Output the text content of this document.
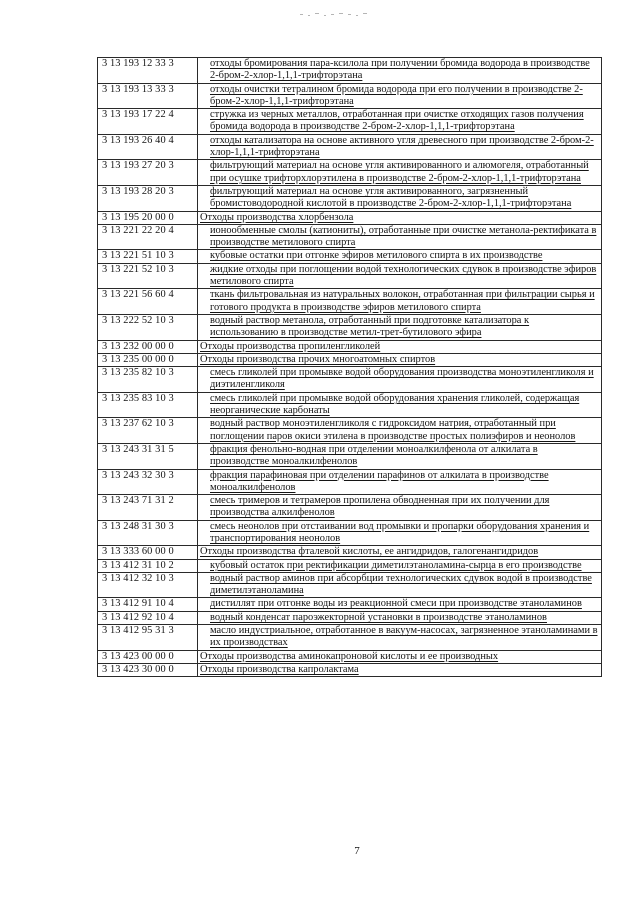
3 13 193 12 33 3	отходы бромирования пара-ксилола при получении бромида водорода в производстве 2-бром-2-хлор-1,1,1-трифторэтана

3 13 193 13 33 3	отходы очистки тетралином бромида водорода при его получении в производстве 2-бром-2-хлор-1,1,1-трифторэтана

3 13 193 17 22 4	стружка из черных металлов, отработанная при очистке отходящих газов получения бромида водорода в производстве 2-бром-2-хлор-1,1,1-трифторэтана

3 13 193 26 40 4	отходы катализатора на основе активного угля древесного при производстве 2-бром-2-хлор-1,1,1-трифторэтана

3 13 193 27 20 3	фильтрующий материал на основе угля активированного и алюмогеля, отработанный при осушке трифторхлорэтилена в производстве 2-бром-2-хлор-1,1,1-трифторэтана

3 13 193 28 20 3	фильтрующий материал на основе угля активированного, загрязненный бромистоводородной кислотой в производстве 2-бром-2-хлор-1,1,1-трифторэтана

3 13 195 20 00 0	Отходы производства хлорбензола

3 13 221 22 20 4	ионообменные смолы (катиониты), отработанные при очистке метанола-ректификата в производстве метилового спирта

3 13 221 51 10 3	кубовые остатки при отгонке эфиров метилового спирта в их производстве

3 13 221 52 10 3	жидкие отходы при поглощении водой технологических сдувок в производстве эфиров метилового спирта

3 13 221 56 60 4	ткань фильтровальная из натуральных волокон, отработанная при фильтрации сырья и готового продукта в производстве эфиров метилового спирта

3 13 222 52 10 3	водный раствор метанола, отработанный при подготовке катализатора к использованию в производстве метил-трет-бутилового эфира

3 13 232 00 00 0	Отходы производства пропиленгликолей

3 13 235 00 00 0	Отходы производства прочих многоатомных спиртов

3 13 235 82 10 3	смесь гликолей при промывке водой оборудования производства моноэтиленгликоля и диэтиленгликоля

3 13 235 83 10 3	смесь гликолей при промывке водой оборудования хранения гликолей, содержащая неорганические карбонаты

3 13 237 62 10 3	водный раствор моноэтиленгликоля с гидроксидом натрия, отработанный при поглощении паров окиси этилена в производстве простых полиэфиров и неонолов

3 13 243 31 31 5	фракция фенольно-водная при отделении моноалкилфенола от алкилата в производстве моноалкилфенолов

3 13 243 32 30 3	фракция парафиновая при отделении парафинов от алкилата в производстве моноалкилфенолов

3 13 243 71 31 2	смесь тримеров и тетрамеров пропилена обводненная при их получении для производства алкилфенолов

3 13 248 31 30 3	смесь неонолов при отстаивании вод промывки и пропарки оборудования хранения и транспортирования неонолов

3 13 333 60 00 0	Отходы производства фталевой кислоты, ее ангидридов, галогенангидридов

3 13 412 31 10 2	кубовый остаток при ректификации диметилэтаноламина-сырца в его производстве

3 13 412 32 10 3	водный раствор аминов при абсорбции технологических сдувок водой в производстве диметилэтаноламина

3 13 412 91 10 4	дистиллят при отгонке воды из реакционной смеси при производстве этаноламинов

3 13 412 92 10 4	водный конденсат пароэжекторной установки в производстве этаноламинов

3 13 412 95 31 3	масло индустриальное, отработанное в вакуум-насосах, загрязненное этаноламинами в их производствах

3 13 423 00 00 0	Отходы производства аминокапроновой кислоты и ее производных

3 13 423 30 00 0	Отходы производства капролактама
7
